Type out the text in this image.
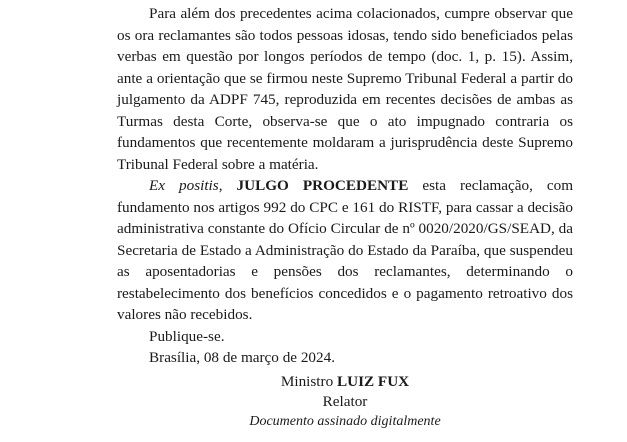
Para além dos precedentes acima colacionados, cumpre observar que os ora reclamantes são todos pessoas idosas, tendo sido beneficiados pelas verbas em questão por longos períodos de tempo (doc. 1, p. 15). Assim, ante a orientação que se firmou neste Supremo Tribunal Federal a partir do julgamento da ADPF 745, reproduzida em recentes decisões de ambas as Turmas desta Corte, observa-se que o ato impugnado contraria os fundamentos que recentemente moldaram a jurisprudência deste Supremo Tribunal Federal sobre a matéria.

Ex positis, JULGO PROCEDENTE esta reclamação, com fundamento nos artigos 992 do CPC e 161 do RISTF, para cassar a decisão administrativa constante do Ofício Circular de nº 0020/2020/GS/SEAD, da Secretaria de Estado a Administração do Estado da Paraíba, que suspendeu as aposentadorias e pensões dos reclamantes, determinando o restabelecimento dos benefícios concedidos e o pagamento retroativo dos valores não recebidos.

Publique-se.

Brasília, 08 de março de 2024.

Ministro LUIZ FUX
Relator
Documento assinado digitalmente
